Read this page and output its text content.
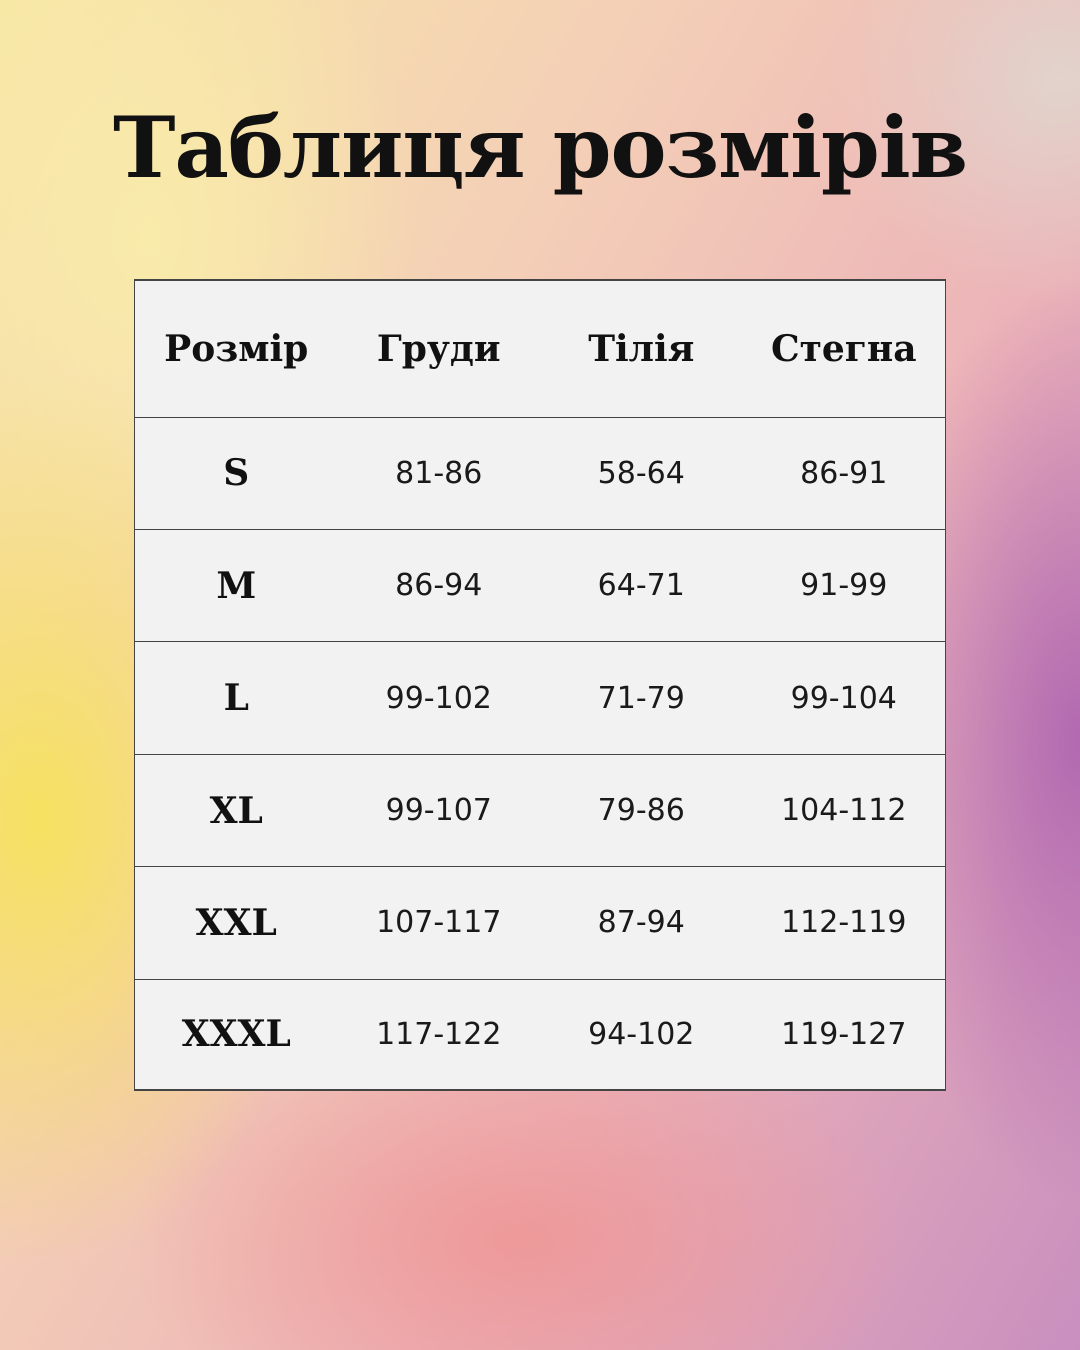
Таблиця розмірів
Розмір	Груди	Тілія	Стегна
S	81-86	58-64	86-91
M	86-94	64-71	91-99
L	99-102	71-79	99-104
XL	99-107	79-86	104-112
XXL	107-117	87-94	112-119
XXXL	117-122	94-102	119-127
